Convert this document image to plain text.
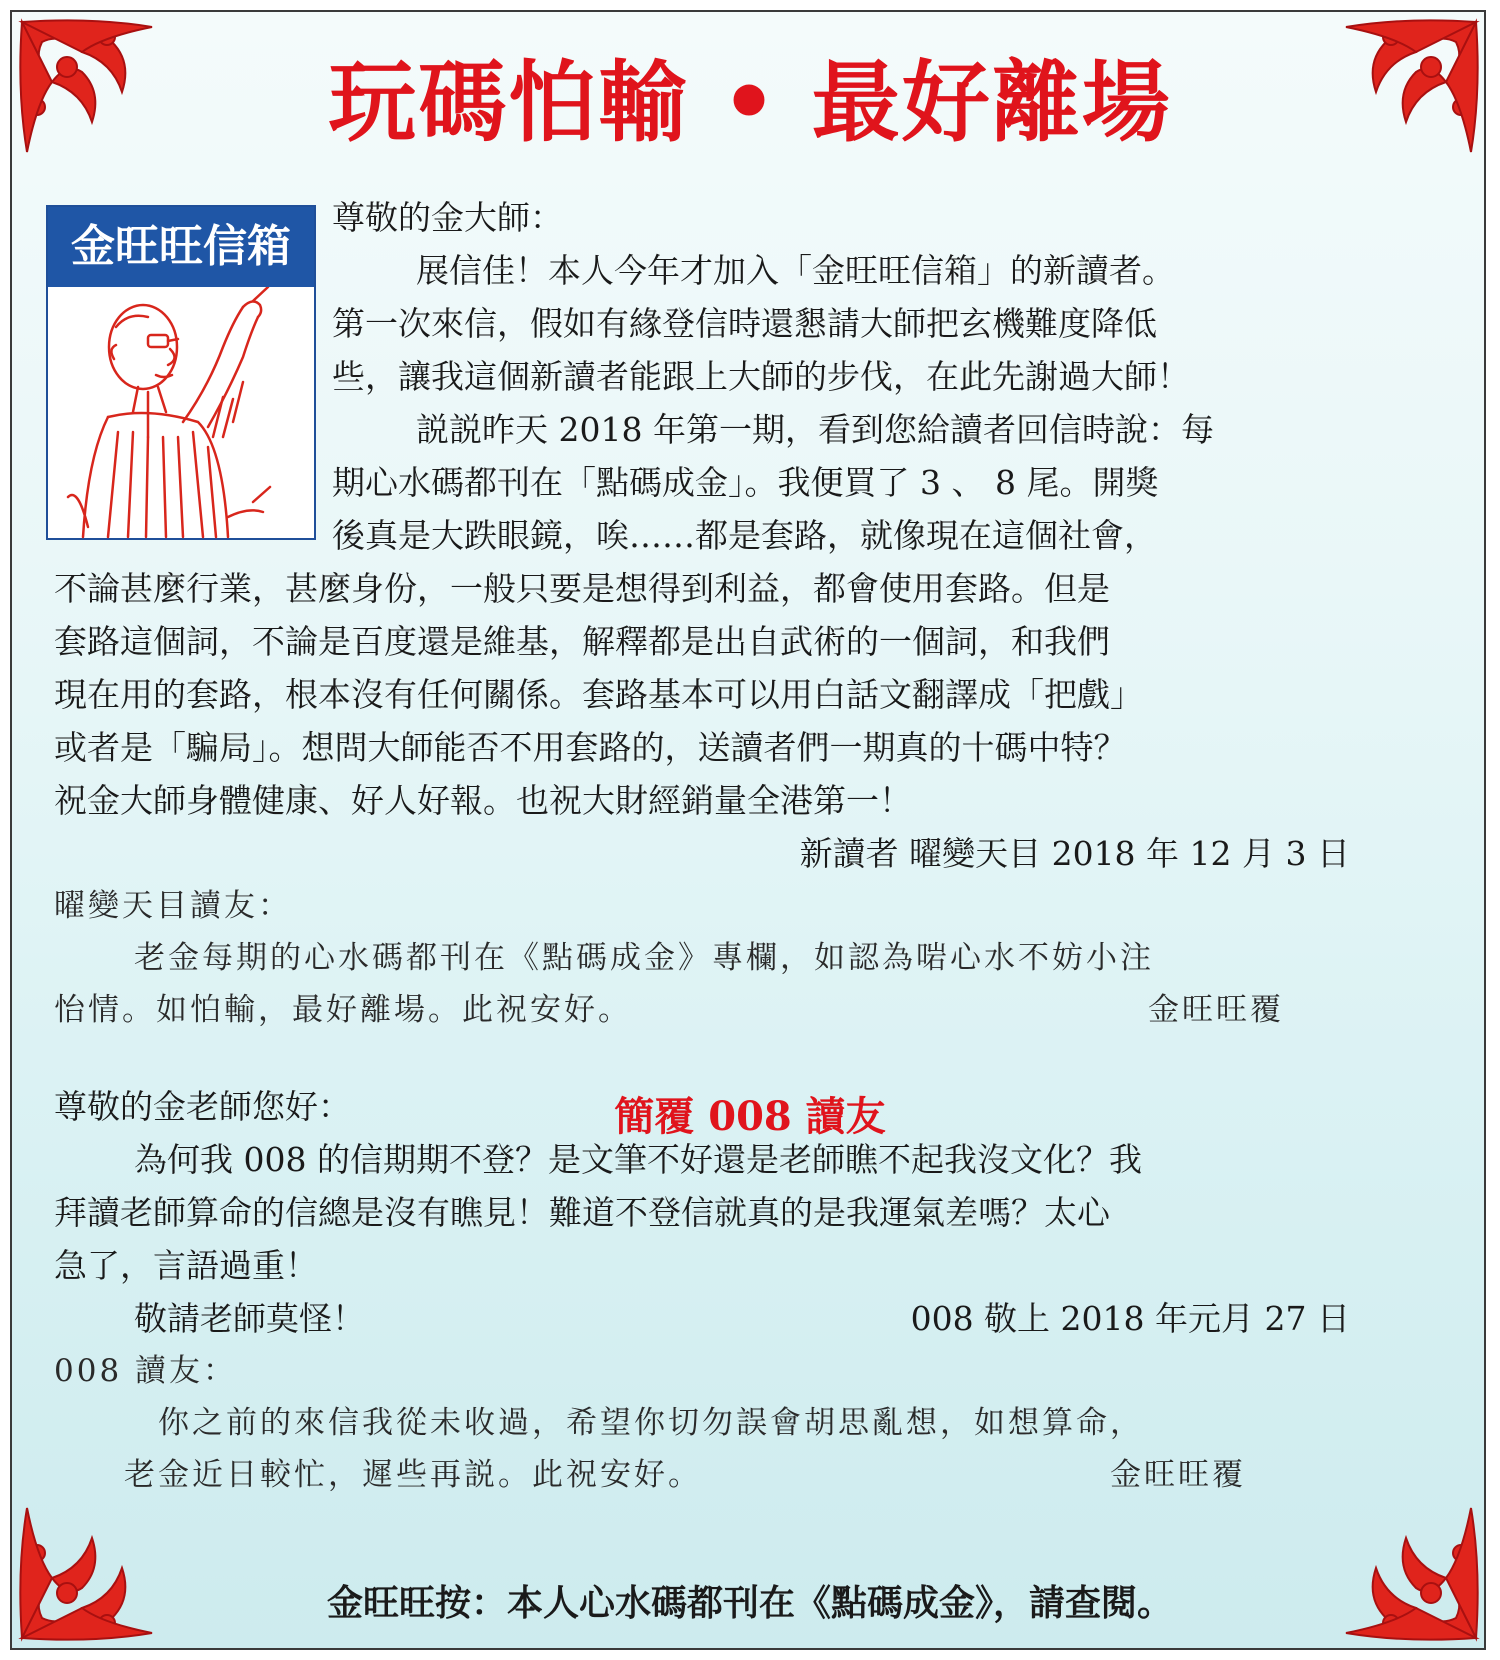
玩碼怕輸 • 最好離場
金旺旺信箱
尊敬的金大師：
展信佳！本人今年才加入「金旺旺信箱」的新讀者。
第一次來信，假如有緣登信時還懇請大師把玄機難度降低
些，讓我這個新讀者能跟上大師的步伐，在此先謝過大師！
説説昨天 2018 年第一期，看到您給讀者回信時說：每
期心水碼都刊在「點碼成金」。我便買了 3 、 8 尾。開獎
後真是大跌眼鏡，唉……都是套路，就像現在這個社會，
不論甚麼行業，甚麼身份，一般只要是想得到利益，都會使用套路。但是
套路這個詞，不論是百度還是維基，解釋都是出自武術的一個詞，和我們
現在用的套路，根本沒有任何關係。套路基本可以用白話文翻譯成「把戲」
或者是「騙局」。想問大師能否不用套路的，送讀者們一期真的十碼中特？
祝金大師身體健康、好人好報。也祝大財經銷量全港第一！
新讀者 曜變天目 2018 年 12 月 3 日
曜變天目讀友：
老金每期的心水碼都刊在《點碼成金》專欄，如認為啱心水不妨小注
怡情。如怕輸，最好離場。此祝安好。	金旺旺覆
簡覆 008 讀友
尊敬的金老師您好：
為何我 008 的信期期不登？是文筆不好還是老師瞧不起我沒文化？我
拜讀老師算命的信總是沒有瞧見！難道不登信就真的是我運氣差嗎？太心
急了，言語過重！
敬請老師莫怪！	008 敬上 2018 年元月 27 日
008 讀友：
你之前的來信我從未收過，希望你切勿誤會胡思亂想，如想算命，
老金近日較忙，遲些再説。此祝安好。	金旺旺覆
金旺旺按：本人心水碼都刊在《點碼成金》，請查閱。
